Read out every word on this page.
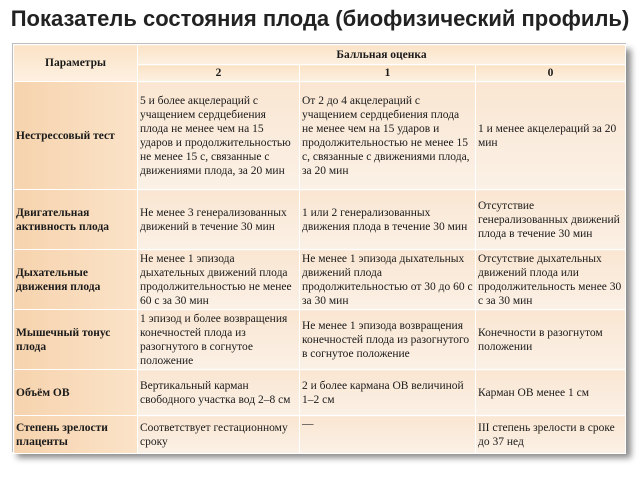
Показатель состояния плода (биофизический профиль)
Параметры	Балльная оценка		
	2	1	0
Нестрессовый тест	5 и более акцелераций с учащением сердцебиения плода не менее чем на 15 ударов и продолжительностью не менее 15 с, связанные с движениями плода, за 20 мин	От 2 до 4 акцелераций с учащением сердцебиения плода не менее чем на 15 ударов и продолжительностью не менее 15 с, связанные с движениями плода, за 20 мин	1 и менее акцелераций за 20 мин
Двигательная активность плода	Не менее 3 генерализованных движений в течение 30 мин	1 или 2 генерализованных движения плода в течение 30 мин	Отсутствие генерализованных движений плода в течение 30 мин
Дыхательные движения плода	Не менее 1 эпизода дыхательных движений плода продолжительностью не менее 60 с за 30 мин	Не менее 1 эпизода дыхательных движений плода продолжительностью от 30 до 60 с за 30 мин	Отсутствие дыхательных движений плода или продолжительность менее 30 с за 30 мин
Мышечный тонус плода	1 эпизод и более возвращения конечностей плода из разогнутого в согнутое положение	Не менее 1 эпизода возвращения конечностей плода из разогнутого в согнутое положение	Конечности в разогнутом положении
Объём ОВ	Вертикальный карман свободного участка вод 2–8 см	2 и более кармана ОВ величиной 1–2 см	Карман ОВ менее 1 см
Степень зрелости плаценты	Соответствует гестационному сроку	—	III степень зрелости в сроке до 37 нед
